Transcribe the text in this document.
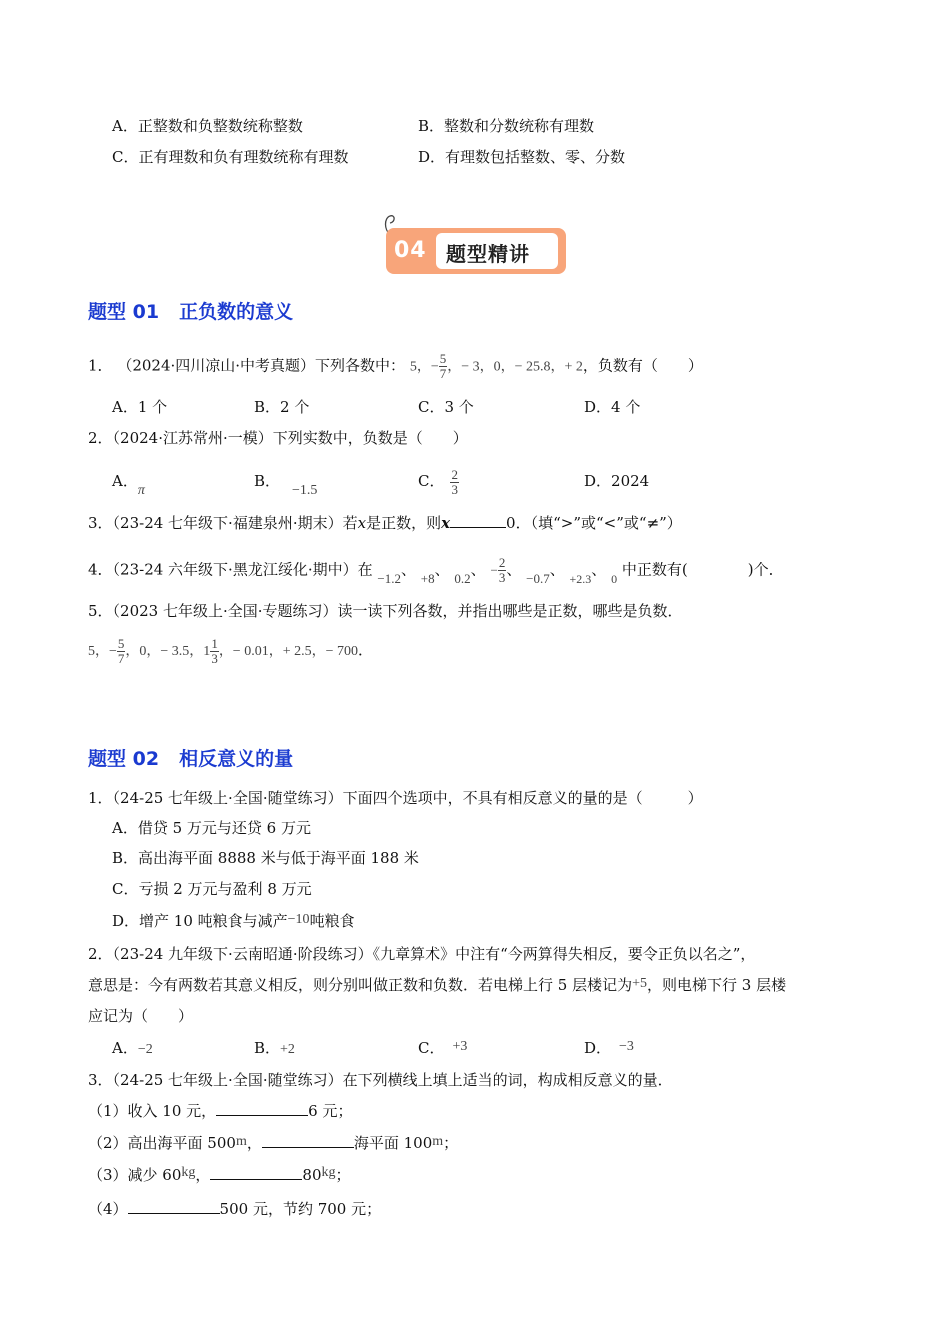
A．正整数和负整数统称整数	B．整数和分数统称有理数
C．正有理数和负有理数统称有理数	D．有理数包括整数、零、分数
04 题型精讲
题型 01 正负数的意义
1． （2024·四川凉山·中考真题）下列各数中： 5，− $\frac{5}{7}$ ，− 3，0，− 25.8，+ 2，负数有（　　）
A．1 个	B．2 个	C．3 个	D．4 个
2．（2024·江苏常州·一模）下列实数中，负数是（　　）
A．π
B．−1.5
C． $\frac{2}{3}$	D．2024
3．（23-24 七年级下·福建泉州·期末）若x是正数，则x	0．（填“>”或“<”或“≠”）
4．（23-24 六年级下·黑龙江绥化·期中）在 −1.2、 +8、 0.2、 − $\frac{2}{3}$ 、 −0.7、 $_{+2.3}$、 $_0$ 中正数有(　　　　)个．
5．（2023 七年级上·全国·专题练习）读一读下列各数，并指出哪些是正数，哪些是负数．
5，− $\frac{5}{7}$ ，0，− 3.5，$1 \frac{1}{3}$ ，− 0.01，+ 2.5，− 700．
题型 02 相反意义的量
1．（24-25 七年级上·全国·随堂练习）下面四个选项中，不具有相反意义的量的是（　　　）
A．借贷 5 万元与还贷 6 万元
B．高出海平面 8888 米与低于海平面 188 米
C．亏损 2 万元与盈利 8 万元
D．增产 10 吨粮食与减产−10吨粮食
2．（23-24 九年级下·云南昭通·阶段练习）《九章算术》中注有“今两算得失相反，要令正负以名之”，
意思是：今有两数若其意义相反，则分别叫做正数和负数．若电梯上行 5 层楼记为+5，则电梯下行 3 层楼
应记为（　　）
A．−2	B．+2	C． +3	D． −3
3．（24-25 七年级上·全国·随堂练习）在下列横线上填上适当的词，构成相反意义的量．
（1）收入 10 元，	6 元；
（2）高出海平面 500m，	海平面 100m；
（3）减少 60kg，	80kg；
（4）	500 元，节约 700 元；
